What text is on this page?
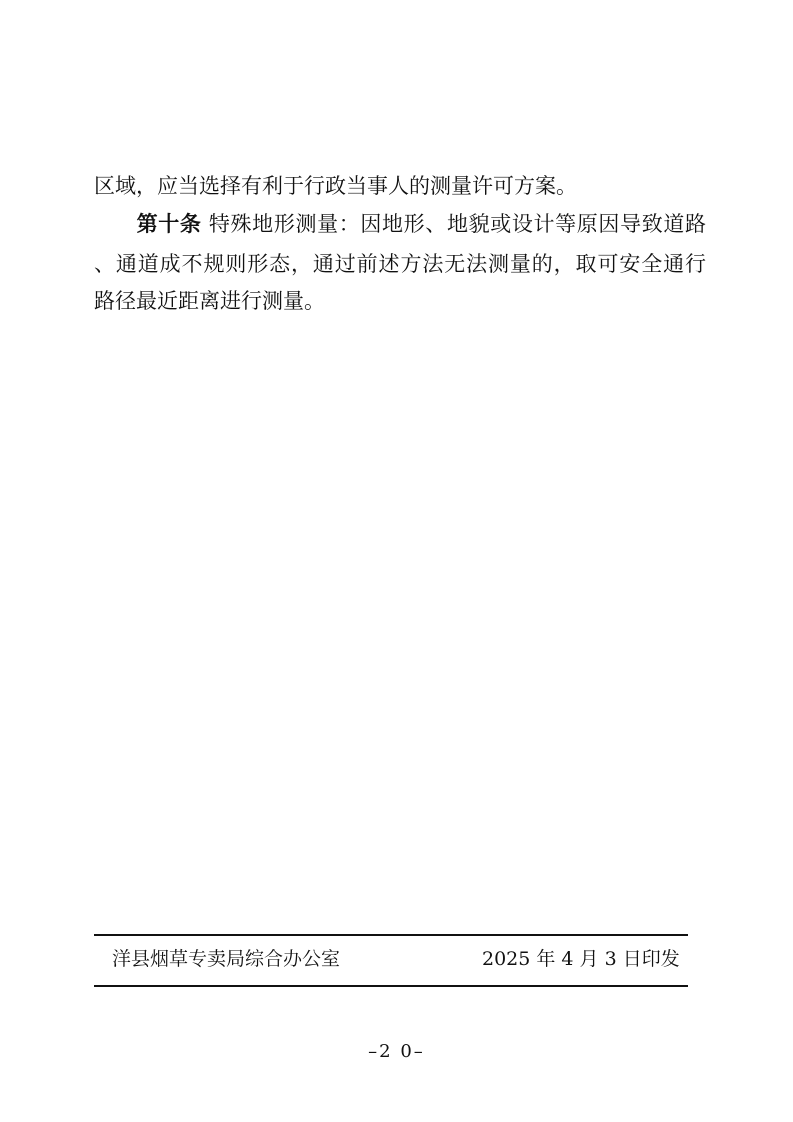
区域，应当选择有利于行政当事人的测量许可方案。
第十条 特殊地形测量：因地形、地貌或设计等原因导致道路
、通道成不规则形态，通过前述方法无法测量的，取可安全通行
路径最近距离进行测量。
洋县烟草专卖局综合办公室	2025 年 4 月 3 日印发
–2 0–
